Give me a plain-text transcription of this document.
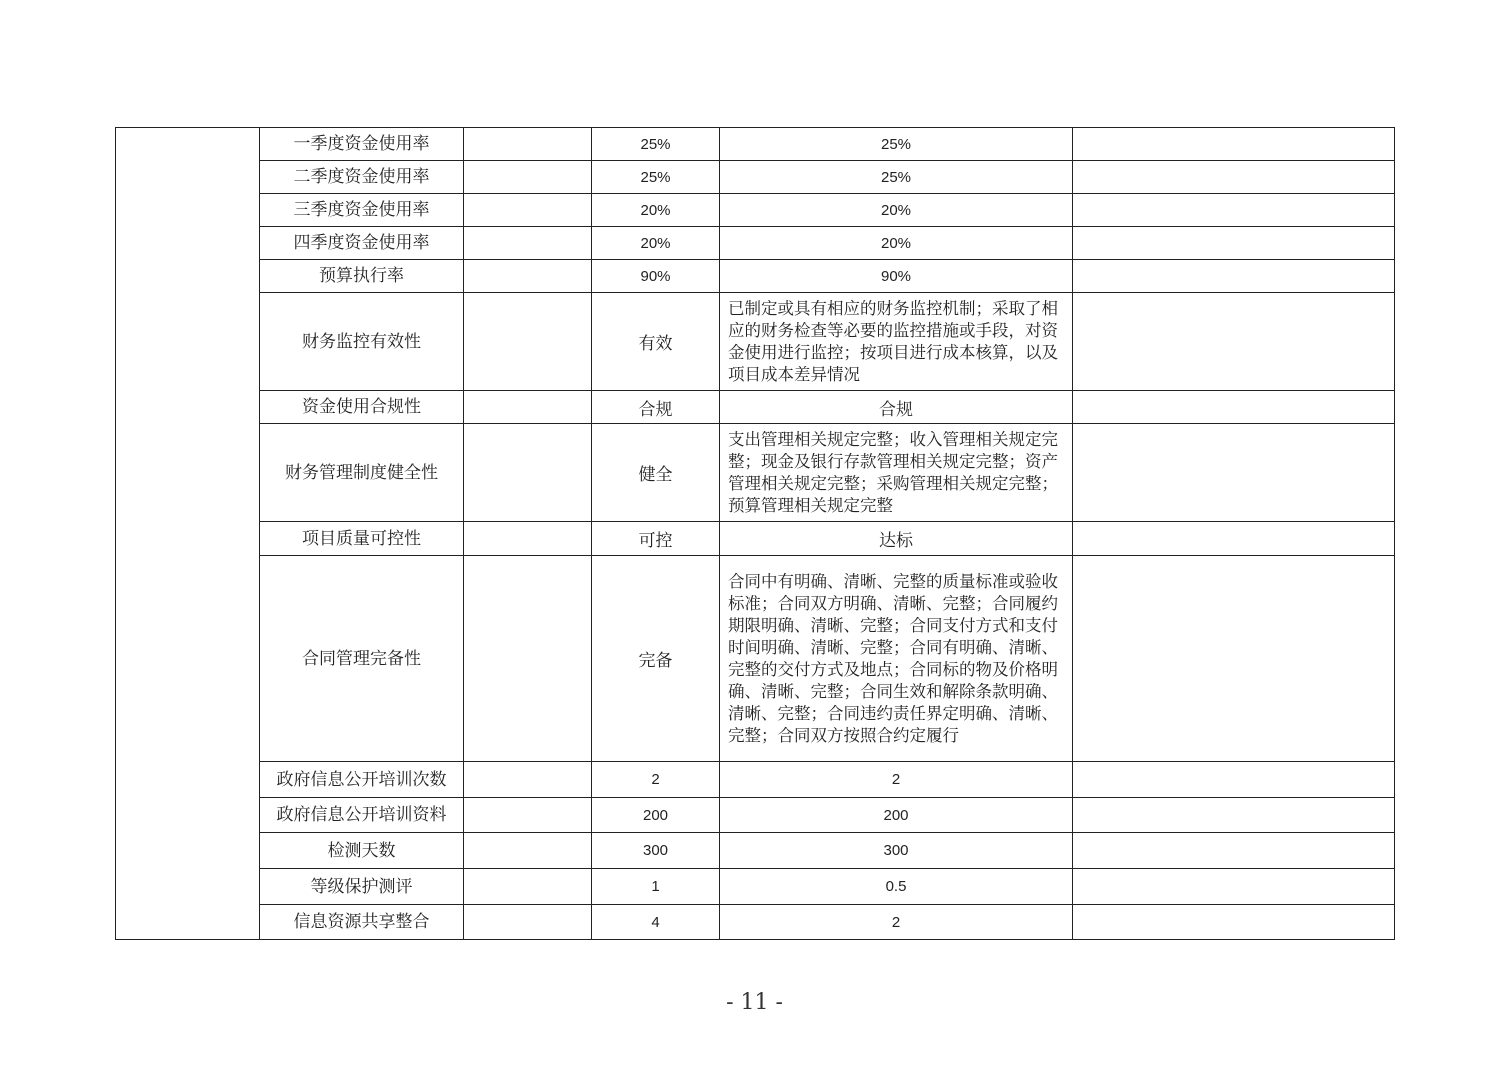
	一季度资金使用率		25%	25%	
	二季度资金使用率		25%	25%	
	三季度资金使用率		20%	20%	
	四季度资金使用率		20%	20%	
	预算执行率		90%	90%	
	财务监控有效性		有效	已制定或具有相应的财务监控机制；采取了相应的财务检查等必要的监控措施或手段，对资金使用进行监控；按项目进行成本核算，以及项目成本差异情况	
	资金使用合规性		合规	合规	
	财务管理制度健全性		健全	支出管理相关规定完整；收入管理相关规定完整；现金及银行存款管理相关规定完整；资产管理相关规定完整；采购管理相关规定完整；预算管理相关规定完整	
	项目质量可控性		可控	达标	
	合同管理完备性		完备	合同中有明确、清晰、完整的质量标准或验收标准；合同双方明确、清晰、完整；合同履约期限明确、清晰、完整；合同支付方式和支付时间明确、清晰、完整；合同有明确、清晰、完整的交付方式及地点；合同标的物及价格明确、清晰、完整；合同生效和解除条款明确、清晰、完整；合同违约责任界定明确、清晰、完整；合同双方按照合约定履行	
	政府信息公开培训次数		2	2	
	政府信息公开培训资料		200	200	
	检测天数		300	300	
	等级保护测评		1	0.5	
	信息资源共享整合		4	2	
- 11 -
